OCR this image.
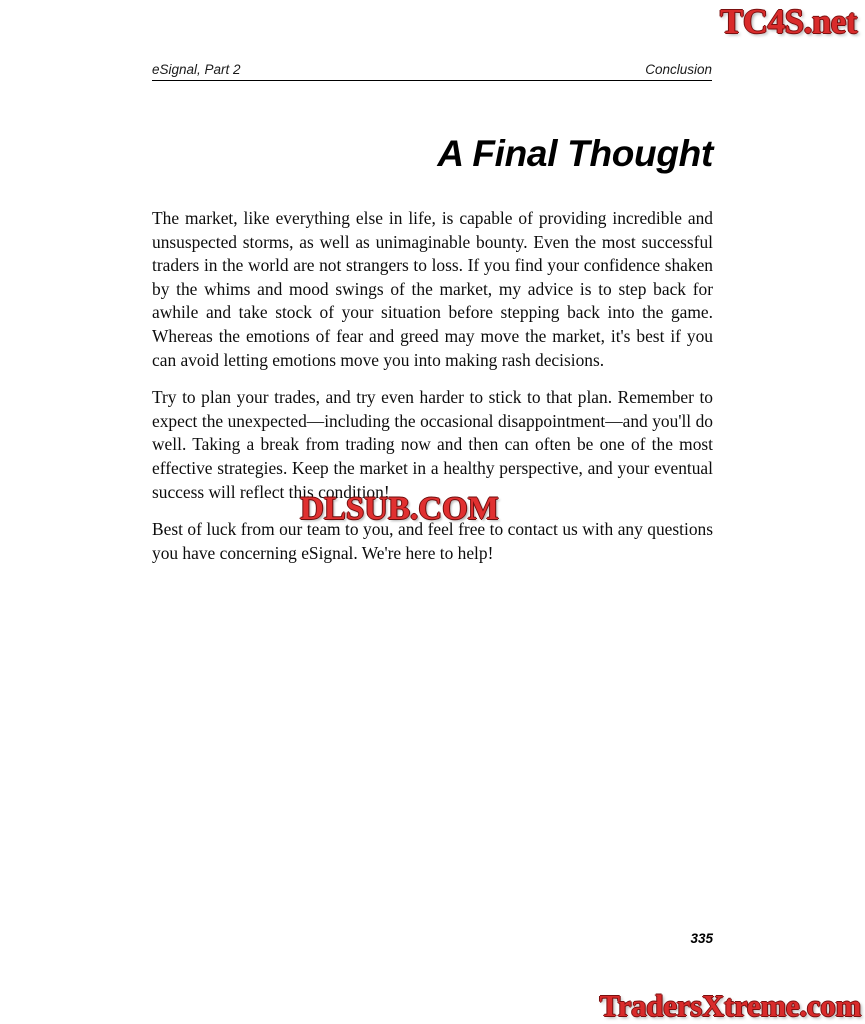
TC4S.net
eSignal, Part 2	Conclusion
A Final Thought

The market, like everything else in life, is capable of providing incredible and unsuspected storms, as well as unimaginable bounty. Even the most successful traders in the world are not strangers to loss. If you find your confidence shaken by the whims and mood swings of the market, my advice is to step back for awhile and take stock of your situation before stepping back into the game. Whereas the emotions of fear and greed may move the market, it's best if you can avoid letting emotions move you into making rash decisions.

Try to plan your trades, and try even harder to stick to that plan. Remember to expect the unexpected—including the occasional disappointment—and you'll do well. Taking a break from trading now and then can often be one of the most effective strategies. Keep the market in a healthy perspective, and your eventual success will reflect this condition!

Best of luck from our team to you, and feel free to contact us with any questions you have concerning eSignal. We're here to help!

DLSUB.COM
335
TradersXtreme.com
